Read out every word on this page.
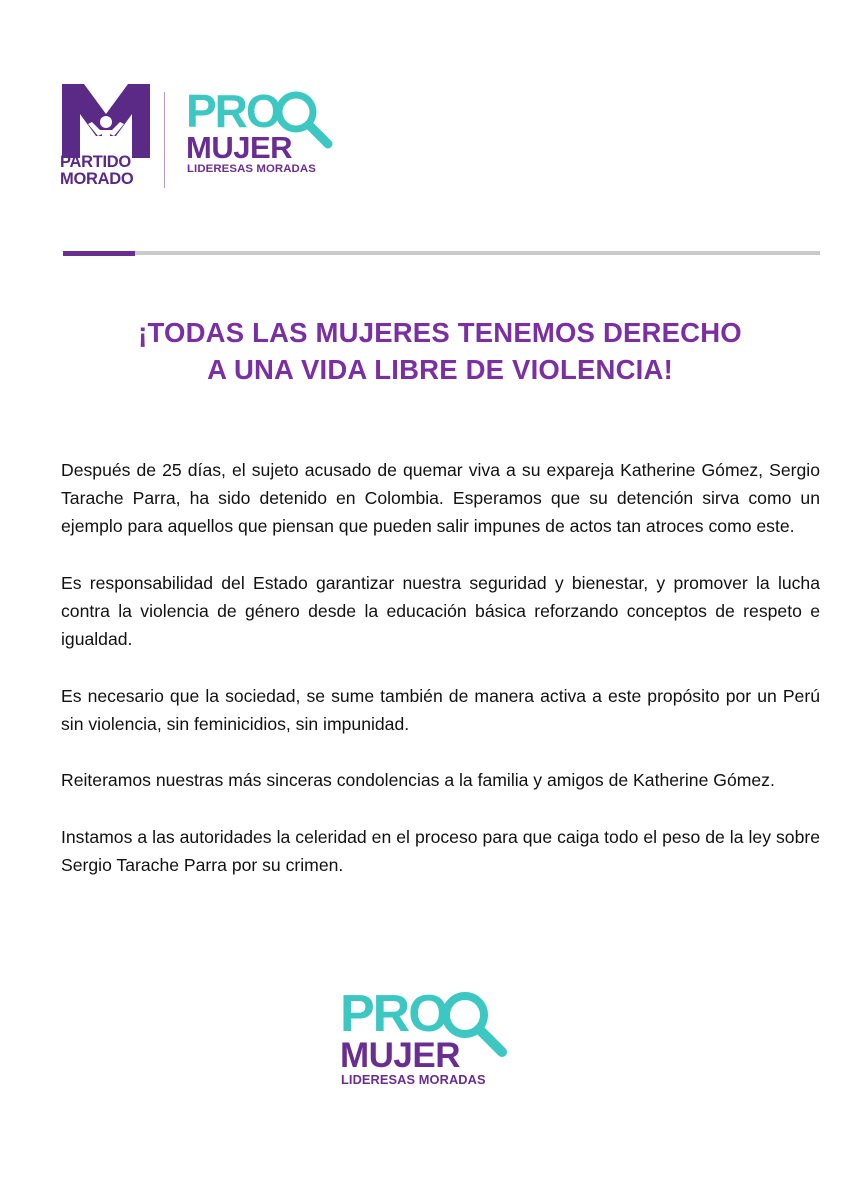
PARTIDO
MORADO
PRO
MUJER
LIDERESAS MORADAS
¡TODAS LAS MUJERES TENEMOS DERECHO
A UNA VIDA LIBRE DE VIOLENCIA!

Después de 25 días, el sujeto acusado de quemar viva a su expareja Katherine Gómez, Sergio Tarache Parra, ha sido detenido en Colombia. Esperamos que su detención sirva como un ejemplo para aquellos que piensan que pueden salir impunes de actos tan atroces como este.

Es responsabilidad del Estado garantizar nuestra seguridad y bienestar, y promover la lucha contra la violencia de género desde la educación básica reforzando conceptos de respeto e igualdad.

Es necesario que la sociedad, se sume también de manera activa a este propósito por un Perú sin violencia, sin feminicidios, sin impunidad.

Reiteramos nuestras más sinceras condolencias a la familia y amigos de Katherine Gómez.

Instamos a las autoridades la celeridad en el proceso para que caiga todo el peso de la ley sobre Sergio Tarache Parra por su crimen.

PRO
MUJER
LIDERESAS MORADAS
